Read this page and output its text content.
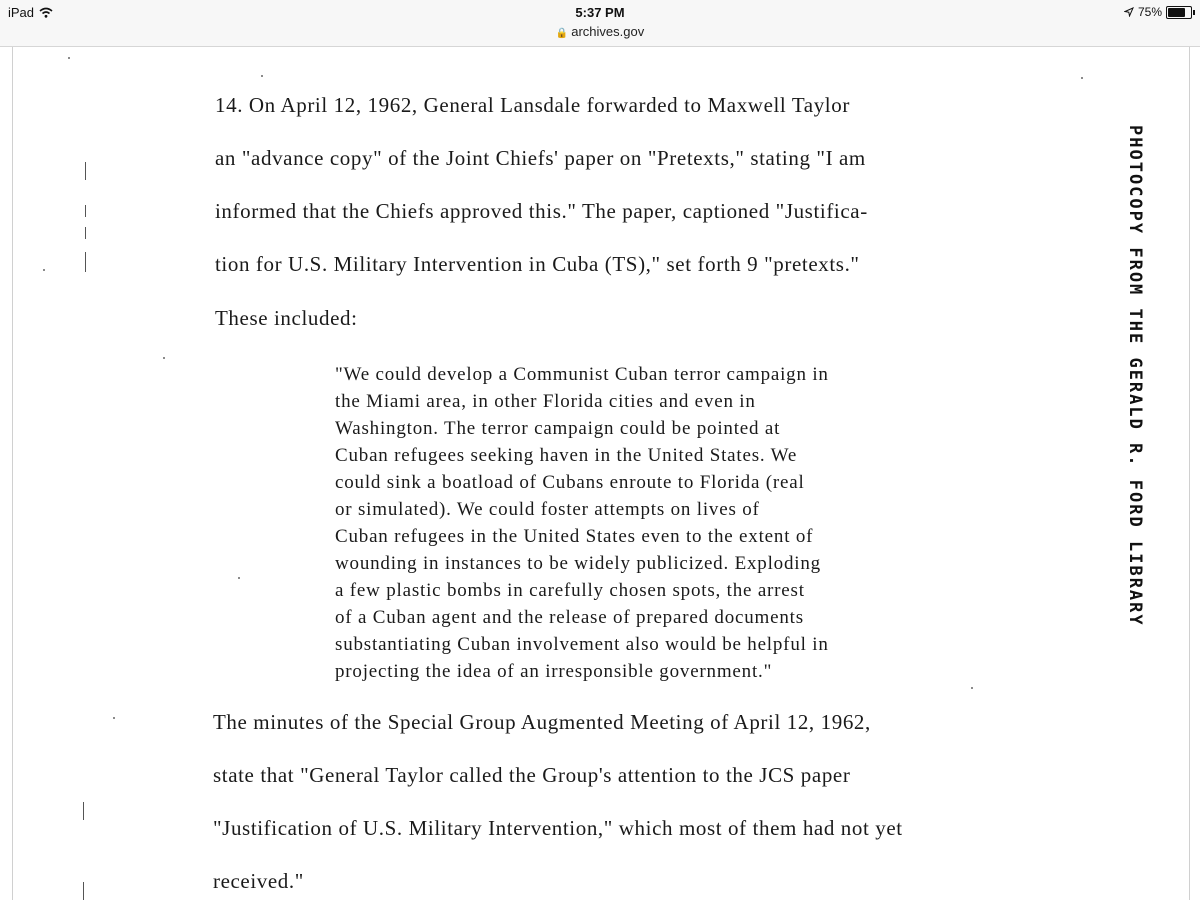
iPad	5:37 PM
🔒 archives.gov
75%
14. On April 12, 1962, General Lansdale forwarded to Maxwell Taylor
an "advance copy" of the Joint Chiefs' paper on "Pretexts," stating "I am
informed that the Chiefs approved this." The paper, captioned "Justifica-
tion for U.S. Military Intervention in Cuba (TS)," set forth 9 "pretexts."
These included:
"We could develop a Communist Cuban terror campaign in
the Miami area, in other Florida cities and even in
Washington. The terror campaign could be pointed at
Cuban refugees seeking haven in the United States. We
could sink a boatload of Cubans enroute to Florida (real
or simulated). We could foster attempts on lives of
Cuban refugees in the United States even to the extent of
wounding in instances to be widely publicized. Exploding
a few plastic bombs in carefully chosen spots, the arrest
of a Cuban agent and the release of prepared documents
substantiating Cuban involvement also would be helpful in
projecting the idea of an irresponsible government."
The minutes of the Special Group Augmented Meeting of April 12, 1962,
state that "General Taylor called the Group's attention to the JCS paper
"Justification of U.S. Military Intervention," which most of them had not yet
received."
PHOTOCOPY FROM THE GERALD R. FORD LIBRARY
